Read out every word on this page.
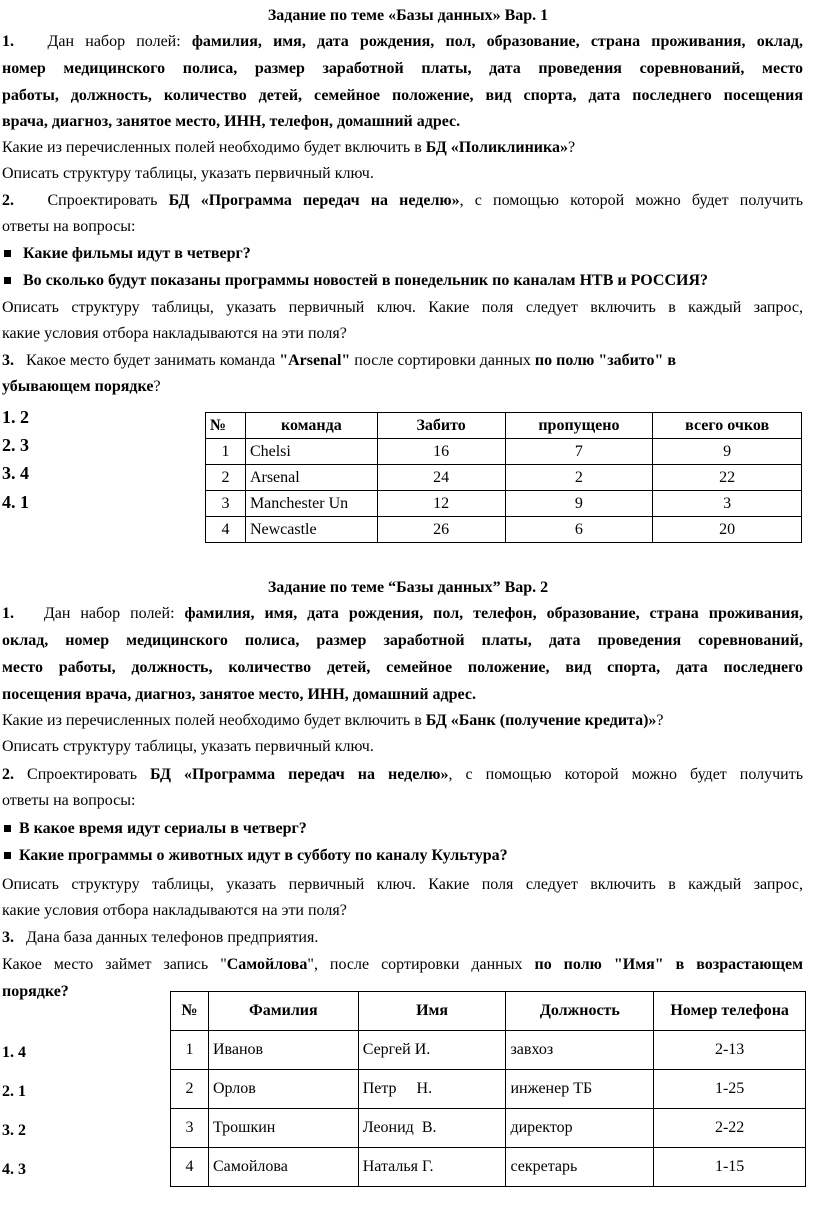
Задание по теме «Базы данных» Вар. 1
1. Дан набор полей: фамилия, имя, дата рождения, пол, образование, страна проживания, оклад,
номер медицинского полиса, размер заработной платы, дата проведения соревнований, место
работы, должность, количество детей, семейное положение, вид спорта, дата последнего посещения
врача, диагноз, занятое место, ИНН, телефон, домашний адрес.
Какие из перечисленных полей необходимо будет включить в БД «Поликлиника»?
Описать структуру таблицы, указать первичный ключ.
2. Спроектировать БД «Программа передач на неделю», с помощью которой можно будет получить
ответы на вопросы:
Какие фильмы идут в четверг?
Во сколько будут показаны программы новостей в понедельник по каналам НТВ и РОССИЯ?
Описать структуру таблицы, указать первичный ключ. Какие поля следует включить в каждый запрос,
какие условия отбора накладываются на эти поля?
3. Какое место будет занимать команда "Arsenal" после сортировки данных по полю "забито" в
убывающем порядке?
1. 2
2. 3
3. 4
4. 1
№	команда	Забито	пропущено	всего очков
1	Chelsi	16	7	9
2	Arsenal	24	2	22
3	Manchester Un	12	9	3
4	Newcastle	26	6	20
Задание по теме “Базы данных” Вар. 2
1. Дан набор полей: фамилия, имя, дата рождения, пол, телефон, образование, страна проживания,
оклад, номер медицинского полиса, размер заработной платы, дата проведения соревнований,
место работы, должность, количество детей, семейное положение, вид спорта, дата последнего
посещения врача, диагноз, занятое место, ИНН, домашний адрес.
Какие из перечисленных полей необходимо будет включить в БД «Банк (получение кредита)»?
Описать структуру таблицы, указать первичный ключ.
2. Спроектировать БД «Программа передач на неделю», с помощью которой можно будет получить
ответы на вопросы:
В какое время идут сериалы в четверг?
Какие программы о животных идут в субботу по каналу Культура?
Описать структуру таблицы, указать первичный ключ. Какие поля следует включить в каждый запрос,
какие условия отбора накладываются на эти поля?
3. Дана база данных телефонов предприятия.
Какое место займет запись "Самойлова", после сортировки данных по полю "Имя" в возрастающем
порядке?
1. 4
2. 1
3. 2
4. 3
№	Фамилия	Имя	Должность	Номер телефона
1	Иванов	Сергей И.	завхоз	2-13
2	Орлов	Петр     Н.	инженер ТБ	1-25
3	Трошкин	Леонид  В.	директор	2-22
4	Самойлова	Наталья Г.	секретарь	1-15
